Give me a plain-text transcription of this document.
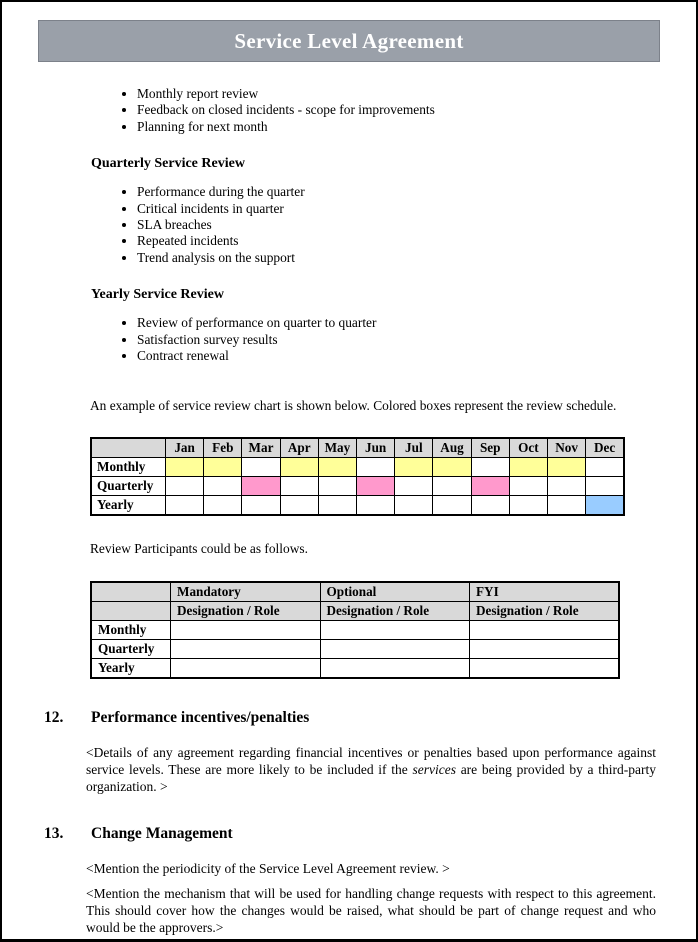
Service Level Agreement
• Monthly report review
• Feedback on closed incidents - scope for improvements
• Planning for next month
Quarterly Service Review
• Performance during the quarter
• Critical incidents in quarter
• SLA breaches
• Repeated incidents
• Trend analysis on the support
Yearly Service Review
• Review of performance on quarter to quarter
• Satisfaction survey results
• Contract renewal

An example of service review chart is shown below. Colored boxes represent the review schedule.

	Jan	Feb	Mar	Apr	May	Jun	Jul	Aug	Sep	Oct	Nov	Dec
Monthly												
Quarterly												
Yearly												

Review Participants could be as follows.

	Mandatory	Optional	FYI
	Designation / Role	Designation / Role	Designation / Role
Monthly			
Quarterly			
Yearly			
12.	Performance incentives/penalties

<Details of any agreement regarding financial incentives or penalties based upon performance against service levels. These are more likely to be included if the services are being provided by a third-party organization. >

13.	Change Management

<Mention the periodicity of the Service Level Agreement review. >

<Mention the mechanism that will be used for handling change requests with respect to this agreement. This should cover how the changes would be raised, what should be part of change request and who would be the approvers.>
